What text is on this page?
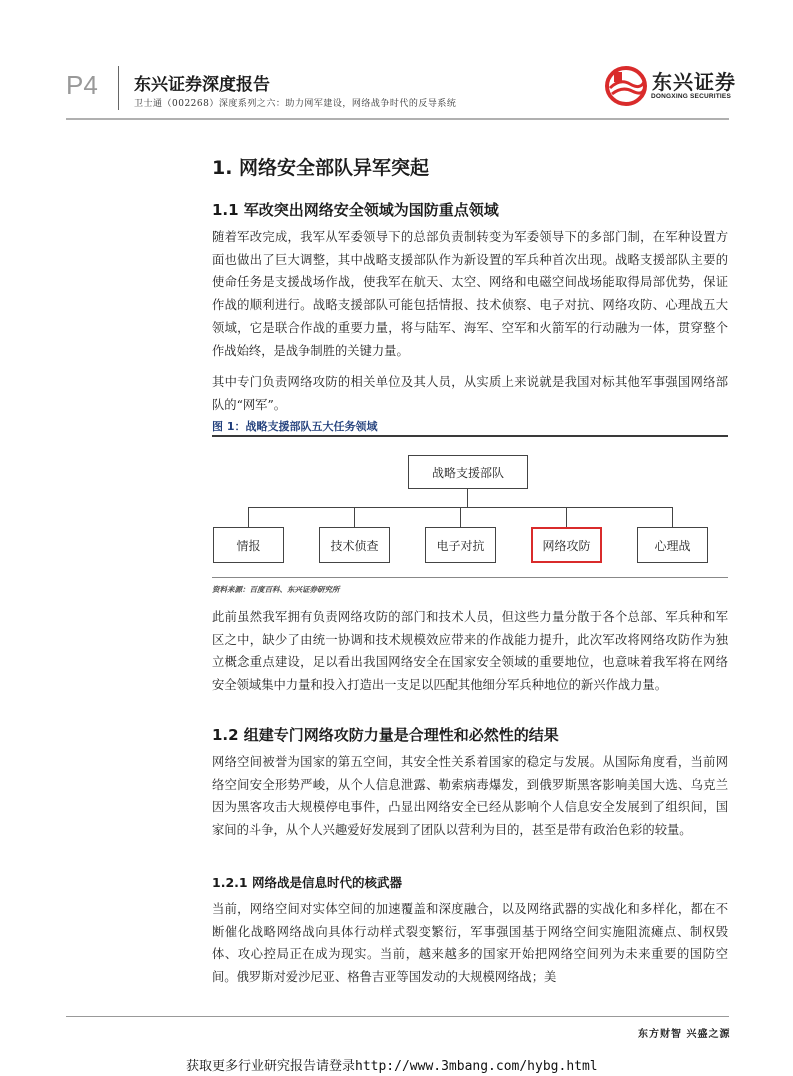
P4 东兴证券深度报告
卫士通（002268）深度系列之六：助力网军建设，网络战争时代的反导系统
东兴证券
DONGXING SECURITIES
1. 网络安全部队异军突起
1.1 军改突出网络安全领域为国防重点领域

随着军改完成，我军从军委领导下的总部负责制转变为军委领导下的多部门制，在军种设置方面也做出了巨大调整，其中战略支援部队作为新设置的军兵种首次出现。战略支援部队主要的使命任务是支援战场作战，使我军在航天、太空、网络和电磁空间战场能取得局部优势，保证作战的顺利进行。战略支援部队可能包括情报、技术侦察、电子对抗、网络攻防、心理战五大领域，它是联合作战的重要力量，将与陆军、海军、空军和火箭军的行动融为一体，贯穿整个作战始终，是战争制胜的关键力量。

其中专门负责网络攻防的相关单位及其人员，从实质上来说就是我国对标其他军事强国网络部队的“网军”。

图 1：战略支援部队五大任务领域
战略支援部队
情报	技术侦查	电子对抗	网络攻防	心理战
资料来源：百度百科、东兴证券研究所

此前虽然我军拥有负责网络攻防的部门和技术人员，但这些力量分散于各个总部、军兵种和军区之中，缺少了由统一协调和技术规模效应带来的作战能力提升，此次军改将网络攻防作为独立概念重点建设，足以看出我国网络安全在国家安全领域的重要地位，也意味着我军将在网络安全领域集中力量和投入打造出一支足以匹配其他细分军兵种地位的新兴作战力量。

1.2 组建专门网络攻防力量是合理性和必然性的结果

网络空间被誉为国家的第五空间，其安全性关系着国家的稳定与发展。从国际角度看，当前网络空间安全形势严峻，从个人信息泄露、勒索病毒爆发，到俄罗斯黑客影响美国大选、乌克兰因为黑客攻击大规模停电事件，凸显出网络安全已经从影响个人信息安全发展到了组织间，国家间的斗争，从个人兴趣爱好发展到了团队以营利为目的，甚至是带有政治色彩的较量。

1.2.1 网络战是信息时代的核武器

当前，网络空间对实体空间的加速覆盖和深度融合，以及网络武器的实战化和多样化，都在不断催化战略网络战向具体行动样式裂变繁衍，军事强国基于网络空间实施阻流瘫点、制权毁体、攻心控局正在成为现实。当前，越来越多的国家开始把网络空间列为未来重要的国防空间。俄罗斯对爱沙尼亚、格鲁吉亚等国发动的大规模网络战；美

东方财智 兴盛之源
获取更多行业研究报告请登录http://www.3mbang.com/hybg.html
